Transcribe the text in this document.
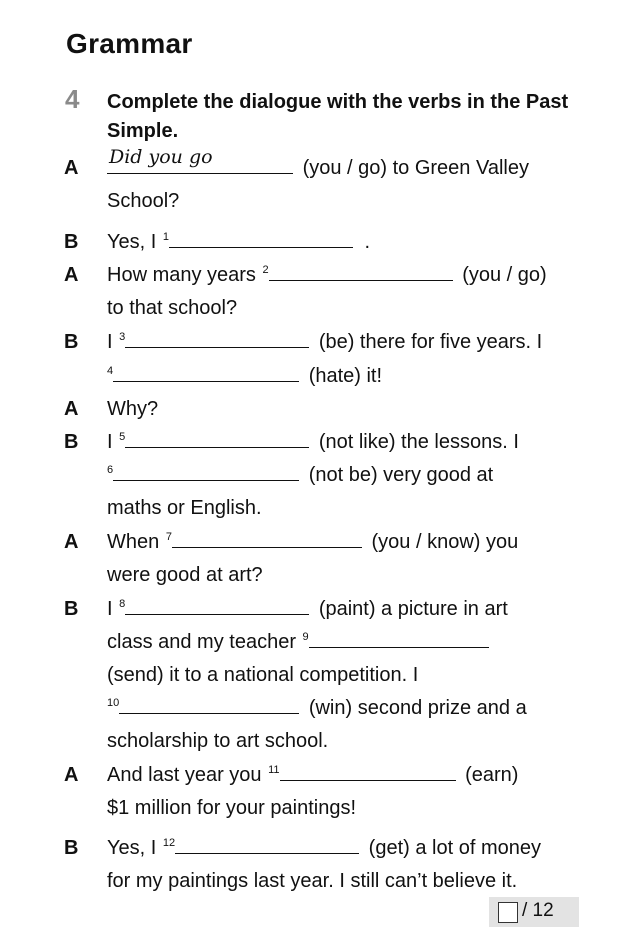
Grammar
4 Complete the dialogue with the verbs in the Past Simple.
A Did you go	(you / go) to Green Valley
School?
B Yes, I $^1$	.
A How many years $^2$	(you / go)
to that school?
B I $^3$	(be) there for five years. I
$^4$	(hate) it!
A Why?
B I $^5$	(not like) the lessons. I
$^6$	(not be) very good at
maths or English.
A When $^7$	(you / know) you
were good at art?
B I $^8$	(paint) a picture in art
class and my teacher $^9$
(send) it to a national competition. I
$^{10}$	(win) second prize and a
scholarship to art school.
A And last year you $^{11}$	(earn)
$1 million for your paintings!
B Yes, I $^{12}$	(get) a lot of money
for my paintings last year. I still can’t believe it.
/ 12
